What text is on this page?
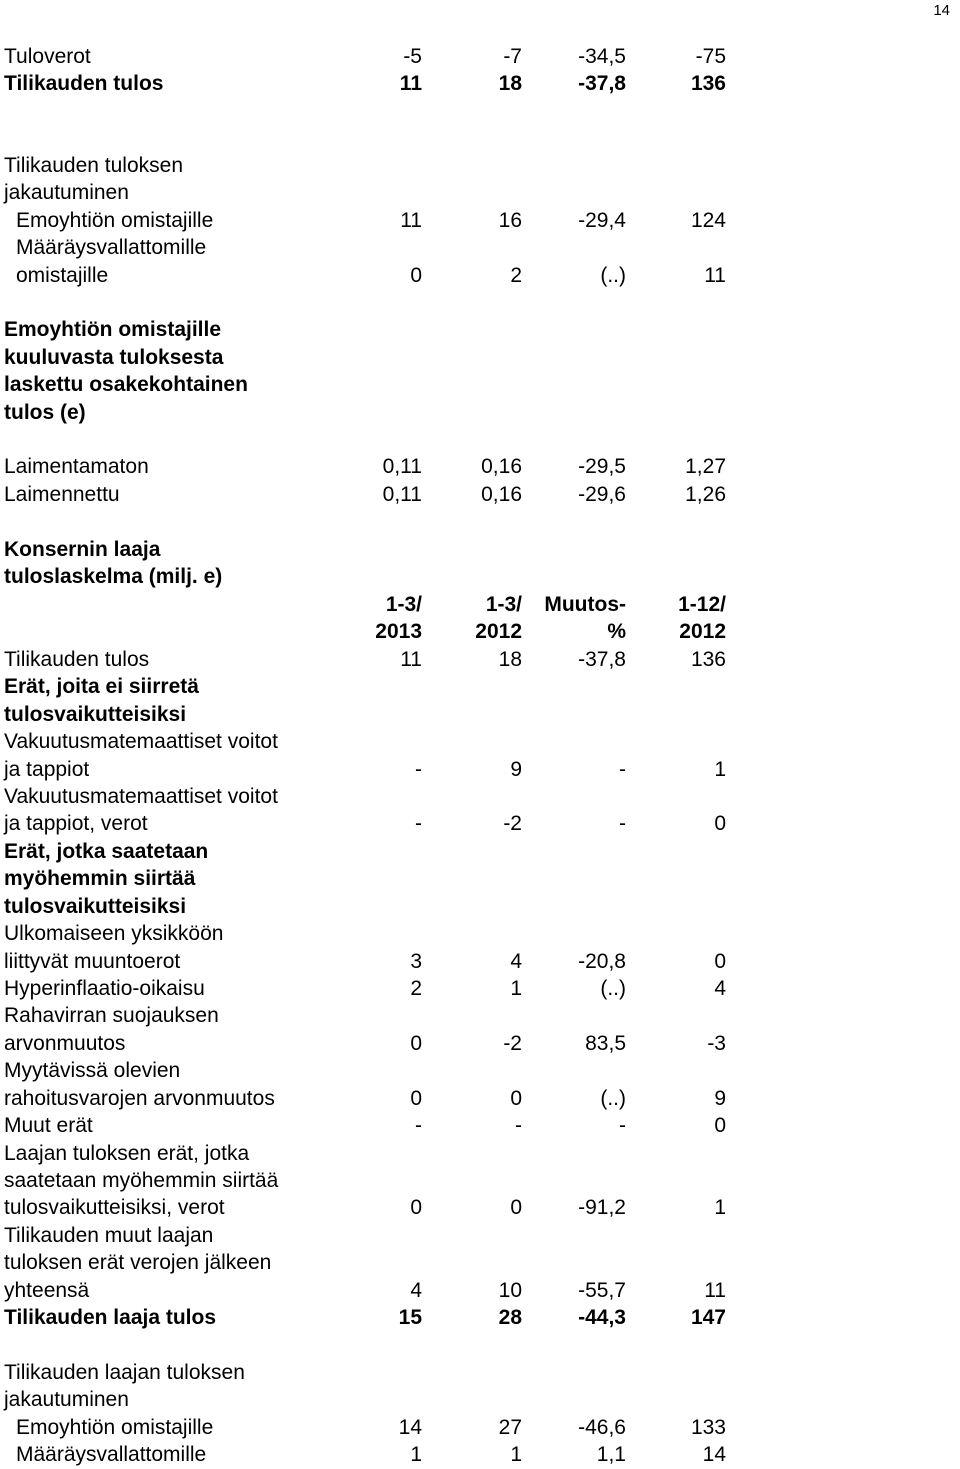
14
Tuloverot	-5	-7	-34,5	-75
Tilikauden tulos	11	18	-37,8	136
Tilikauden tuloksen
jakautuminen
Emoyhtiön omistajille	11	16	-29,4	124
Määräysvallattomille
omistajille	0	2	(..)	11
Emoyhtiön omistajille
kuuluvasta tuloksesta
laskettu osakekohtainen
tulos (e)
Laimentamaton	0,11	0,16	-29,5	1,27
Laimennettu	0,11	0,16	-29,6	1,26
Konsernin laaja
tuloslaskelma (milj. e)
1-3/	1-3/	Muutos-	1-12/
2013	2012	%	2012
Tilikauden tulos	11	18	-37,8	136
Erät, joita ei siirretä
tulosvaikutteisiksi
Vakuutusmatemaattiset voitot
ja tappiot	-	9	-	1
Vakuutusmatemaattiset voitot
ja tappiot, verot	-	-2	-	0
Erät, jotka saatetaan
myöhemmin siirtää
tulosvaikutteisiksi
Ulkomaiseen yksikköön
liittyvät muuntoerot	3	4	-20,8	0
Hyperinflaatio-oikaisu	2	1	(..)	4
Rahavirran suojauksen
arvonmuutos	0	-2	83,5	-3
Myytävissä olevien
rahoitusvarojen arvonmuutos	0	0	(..)	9
Muut erät	-	-	-	0
Laajan tuloksen erät, jotka
saatetaan myöhemmin siirtää
tulosvaikutteisiksi, verot	0	0	-91,2	1
Tilikauden muut laajan
tuloksen erät verojen jälkeen
yhteensä	4	10	-55,7	11
Tilikauden laaja tulos	15	28	-44,3	147
Tilikauden laajan tuloksen
jakautuminen
Emoyhtiön omistajille	14	27	-46,6	133
Määräysvallattomille	1	1	1,1	14
